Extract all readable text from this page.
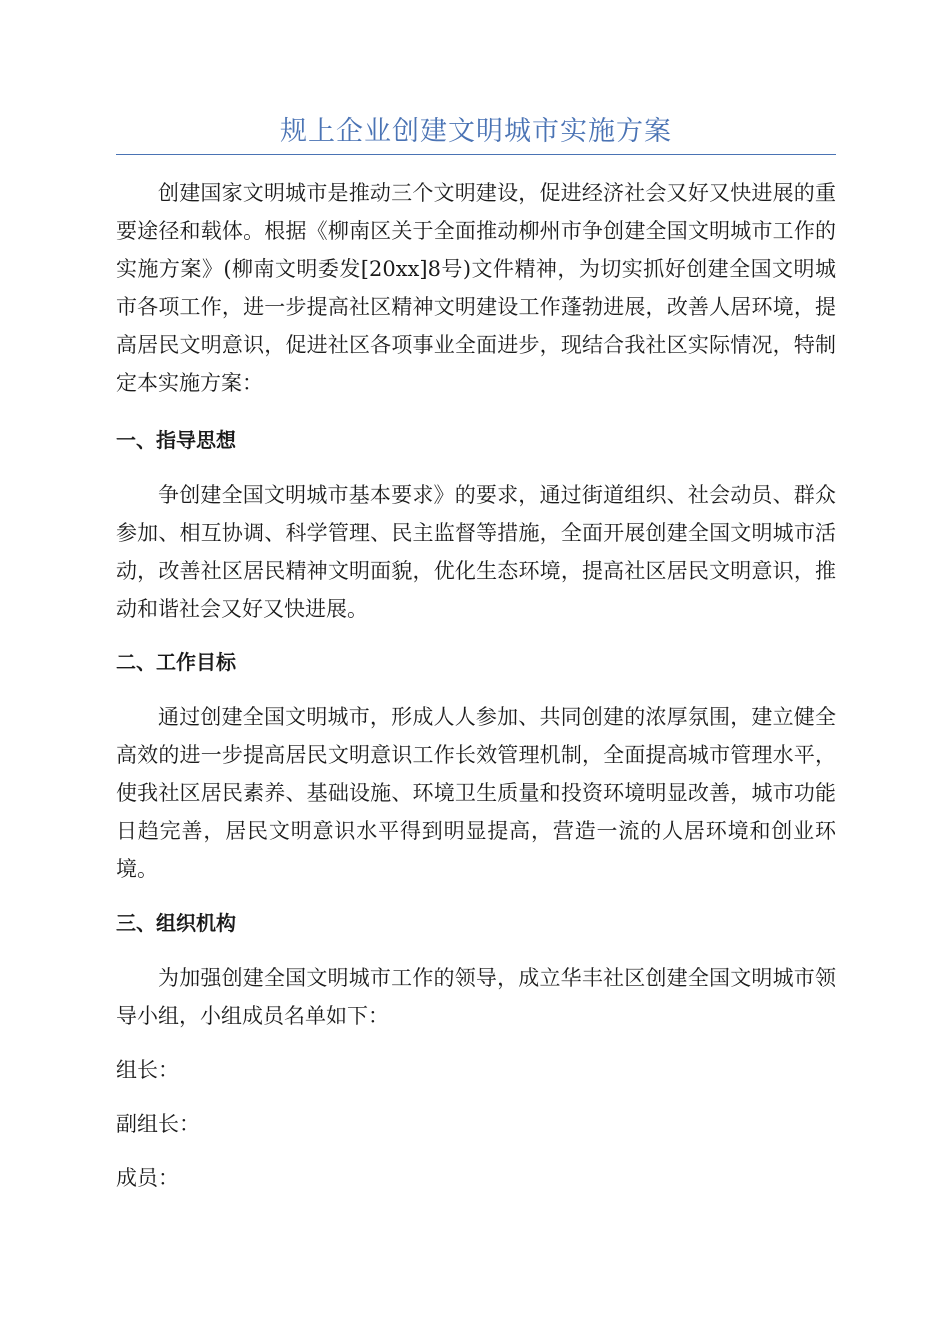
规上企业创建文明城市实施方案

创建国家文明城市是推动三个文明建设，促进经济社会又好又快进展的重要途径和载体。根据《柳南区关于全面推动柳州市争创建全国文明城市工作的实施方案》(柳南文明委发[20xx]8号)文件精神，为切实抓好创建全国文明城市各项工作，进一步提高社区精神文明建设工作蓬勃进展，改善人居环境，提高居民文明意识，促进社区各项事业全面进步，现结合我社区实际情况，特制定本实施方案：

一、指导思想

争创建全国文明城市基本要求》的要求，通过街道组织、社会动员、群众参加、相互协调、科学管理、民主监督等措施，全面开展创建全国文明城市活动，改善社区居民精神文明面貌，优化生态环境，提高社区居民文明意识，推动和谐社会又好又快进展。

二、工作目标

通过创建全国文明城市，形成人人参加、共同创建的浓厚氛围，建立健全高效的进一步提高居民文明意识工作长效管理机制，全面提高城市管理水平，使我社区居民素养、基础设施、环境卫生质量和投资环境明显改善，城市功能日趋完善，居民文明意识水平得到明显提高，营造一流的人居环境和创业环境。

三、组织机构

为加强创建全国文明城市工作的领导，成立华丰社区创建全国文明城市领导小组，小组成员名单如下：

组长：

副组长：

成员：
